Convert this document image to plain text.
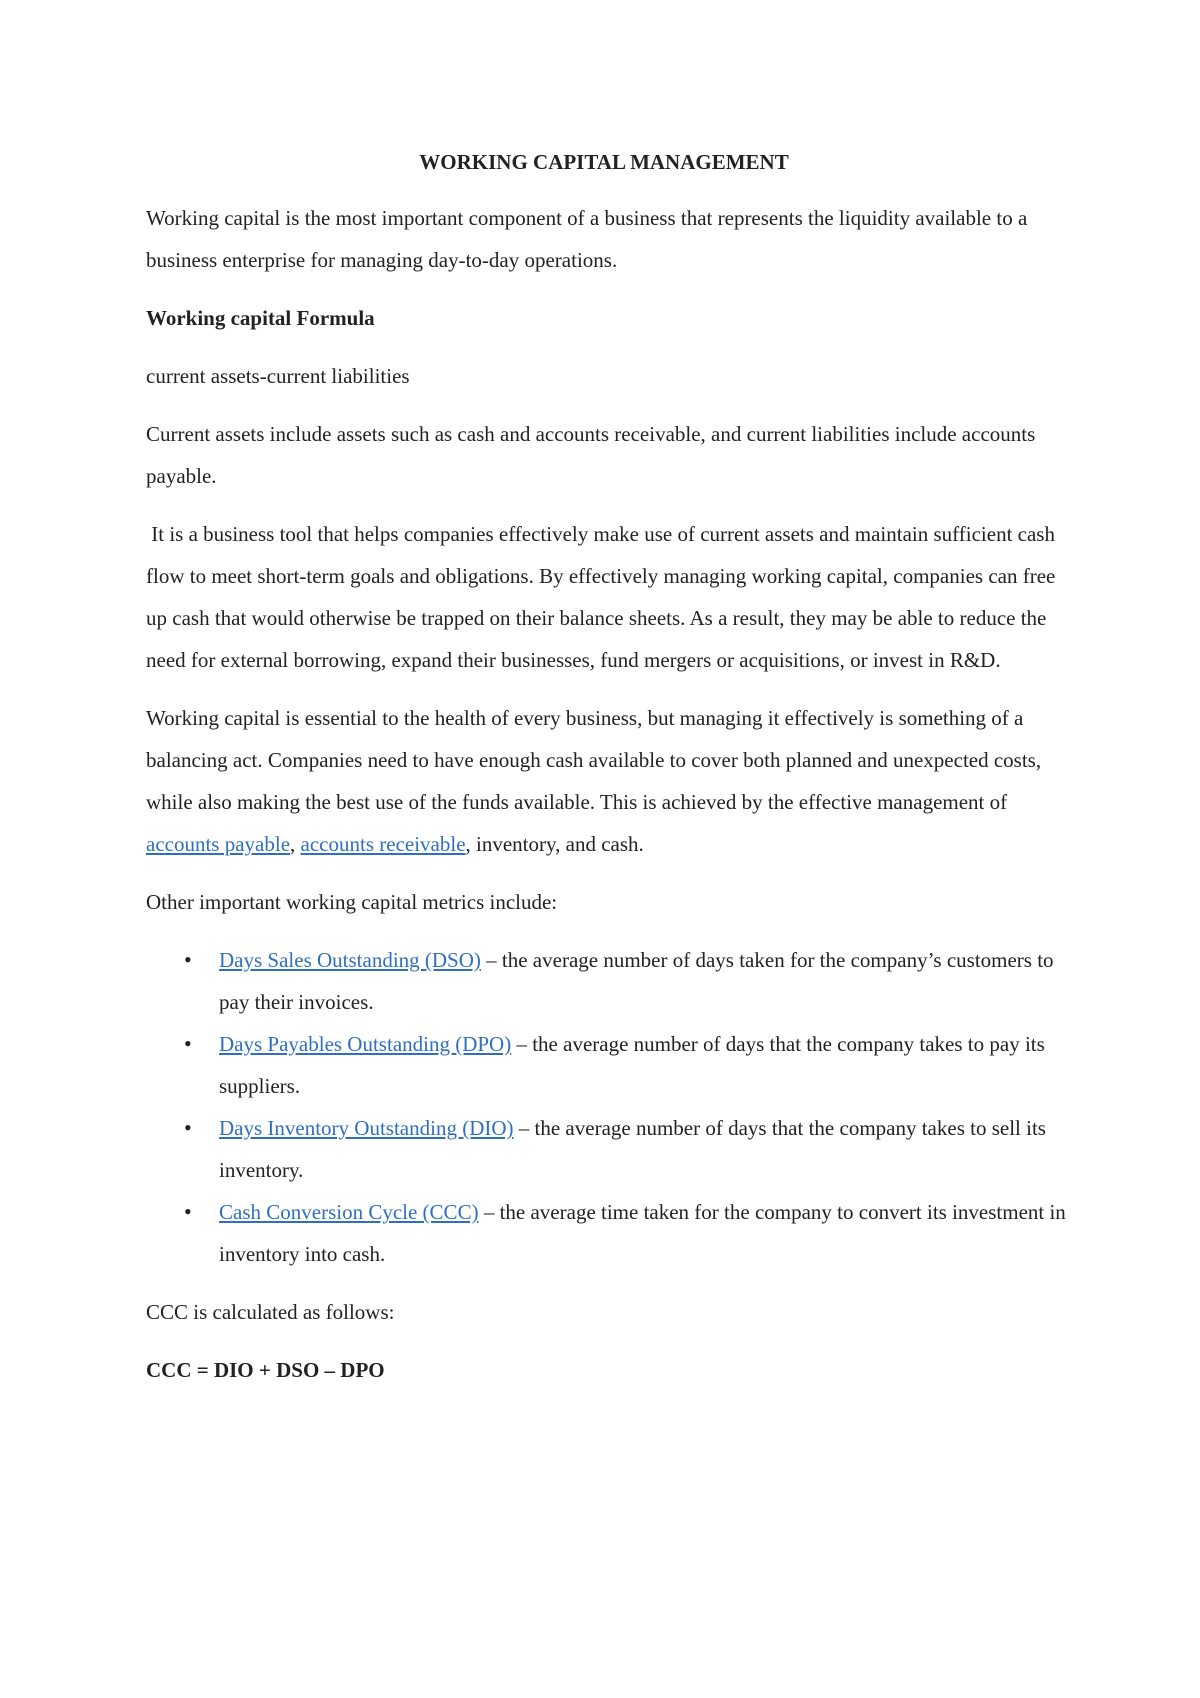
WORKING CAPITAL MANAGEMENT

Working capital is the most important component of a business that represents the liquidity available to a business enterprise for managing day-to-day operations.

Working capital Formula

current assets-current liabilities

Current assets include assets such as cash and accounts receivable, and current liabilities include accounts payable.

It is a business tool that helps companies effectively make use of current assets and maintain sufficient cash flow to meet short-term goals and obligations. By effectively managing working capital, companies can free up cash that would otherwise be trapped on their balance sheets. As a result, they may be able to reduce the need for external borrowing, expand their businesses, fund mergers or acquisitions, or invest in R&D.

Working capital is essential to the health of every business, but managing it effectively is something of a balancing act. Companies need to have enough cash available to cover both planned and unexpected costs, while also making the best use of the funds available. This is achieved by the effective management of accounts payable, accounts receivable, inventory, and cash.

Other important working capital metrics include:

• Days Sales Outstanding (DSO) – the average number of days taken for the company’s customers to pay their invoices.
• Days Payables Outstanding (DPO) – the average number of days that the company takes to pay its suppliers.
• Days Inventory Outstanding (DIO) – the average number of days that the company takes to sell its inventory.
• Cash Conversion Cycle (CCC) – the average time taken for the company to convert its investment in inventory into cash.

CCC is calculated as follows:

CCC = DIO + DSO – DPO
